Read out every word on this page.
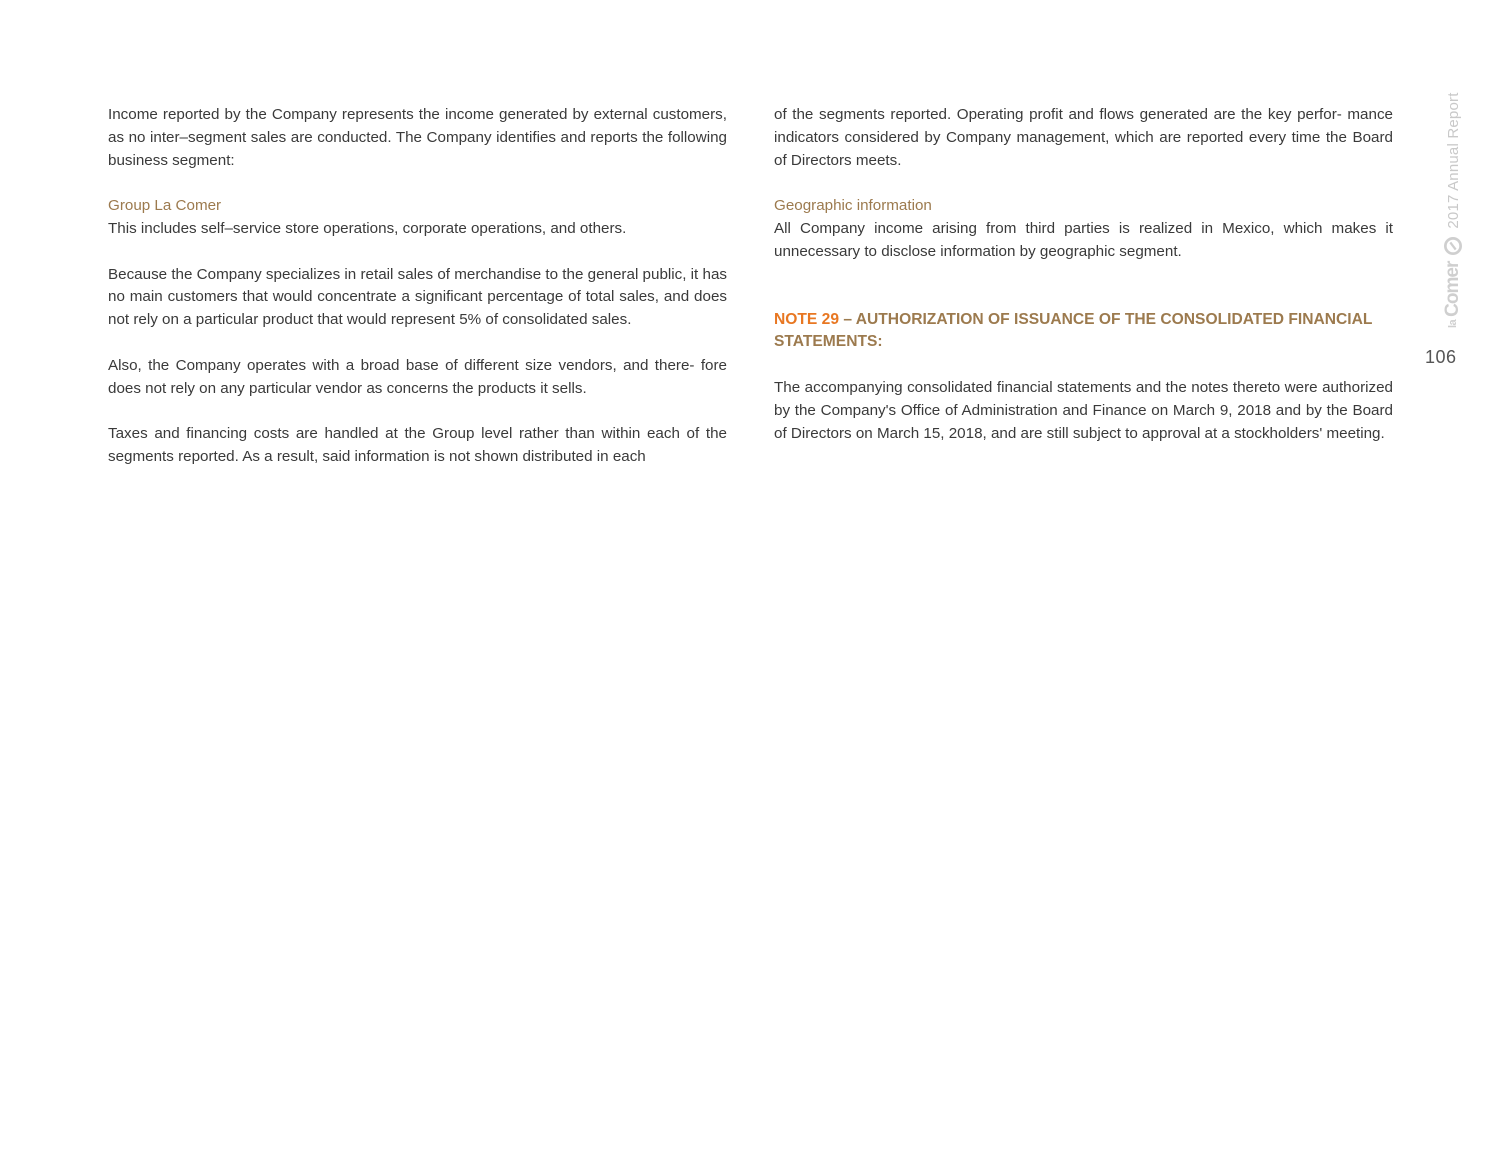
Income reported by the Company represents the income generated by external customers, as no inter–segment sales are conducted. The Company identifies and reports the following business segment:

Group La Comer
This includes self–service store operations, corporate operations, and others.

Because the Company specializes in retail sales of merchandise to the general public, it has no main customers that would concentrate a significant percentage of total sales, and does not rely on a particular product that would represent 5% of consolidated sales.

Also, the Company operates with a broad base of different size vendors, and there- fore does not rely on any particular vendor as concerns the products it sells.

Taxes and financing costs are handled at the Group level rather than within each of the segments reported. As a result, said information is not shown distributed in each

of the segments reported. Operating profit and flows generated are the key perfor- mance indicators considered by Company management, which are reported every time the Board of Directors meets.

Geographic information
All Company income arising from third parties is realized in Mexico, which makes it unnecessary to disclose information by geographic segment.

NOTE 29 – AUTHORIZATION OF ISSUANCE OF THE CONSOLIDATED FINANCIAL STATEMENTS:

The accompanying consolidated financial statements and the notes thereto were authorized by the Company's Office of Administration and Finance on March 9, 2018 and by the Board of Directors on March 15, 2018, and are still subject to approval at a stockholders' meeting.

la
Comer
2017 Annual Report
106
